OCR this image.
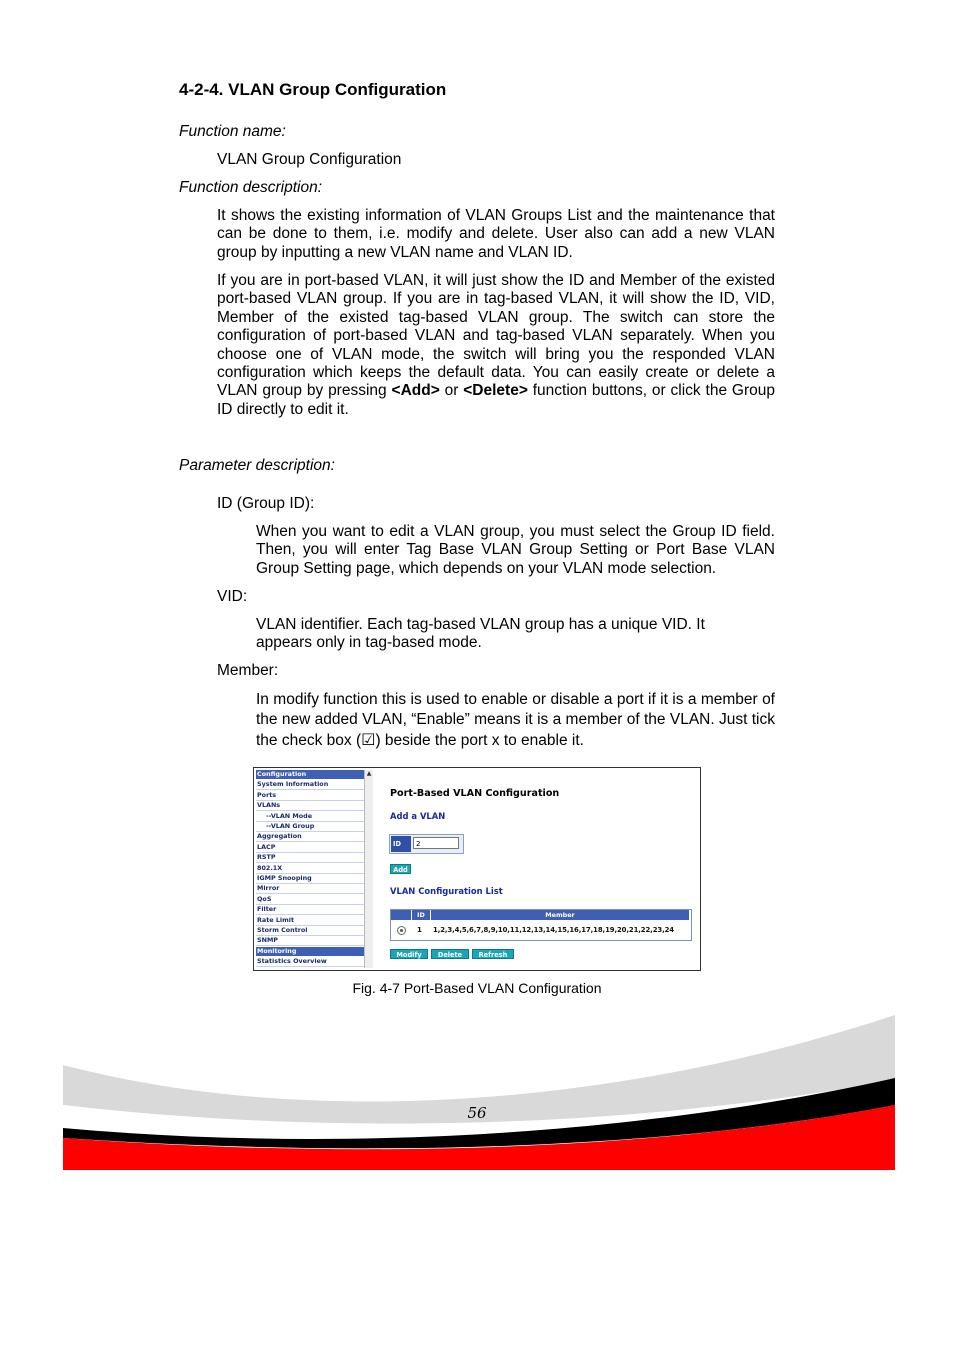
4-2-4. VLAN Group Configuration
Function name:
VLAN Group Configuration
Function description:
It shows the existing information of VLAN Groups List and the maintenance that can be done to them, i.e. modify and delete. User also can add a new VLAN group by inputting a new VLAN name and VLAN ID.
If you are in port-based VLAN, it will just show the ID and Member of the existed port-based VLAN group. If you are in tag-based VLAN, it will show the ID, VID, Member of the existed tag-based VLAN group. The switch can store the configuration of port-based VLAN and tag-based VLAN separately. When you choose one of VLAN mode, the switch will bring you the responded VLAN configuration which keeps the default data. You can easily create or delete a VLAN group by pressing <Add> or <Delete> function buttons, or click the Group ID directly to edit it.
Parameter description:
ID (Group ID):
When you want to edit a VLAN group, you must select the Group ID field. Then, you will enter Tag Base VLAN Group Setting or Port Base VLAN Group Setting page, which depends on your VLAN mode selection.
VID:
VLAN identifier. Each tag-based VLAN group has a unique VID. It appears only in tag-based mode.
Member:
In modify function this is used to enable or disable a port if it is a member of the new added VLAN, “Enable” means it is a member of the VLAN. Just tick the check box (☑) beside the port x to enable it.
Configuration
System Information
Ports
VLANs
--VLAN Mode
--VLAN Group
Aggregation
LACP
RSTP
802.1X
IGMP Snooping
Mirror
QoS
Filter
Rate Limit
Storm Control
SNMP
Monitoring
Statistics Overview
▲
Port-Based VLAN Configuration
Add a VLAN
ID	2
Add
VLAN Configuration List
ID	Member
1 1,2,3,4,5,6,7,8,9,10,11,12,13,14,15,16,17,18,19,20,21,22,23,24
Modify	Delete	Refresh
Fig. 4-7 Port-Based VLAN Configuration
56
